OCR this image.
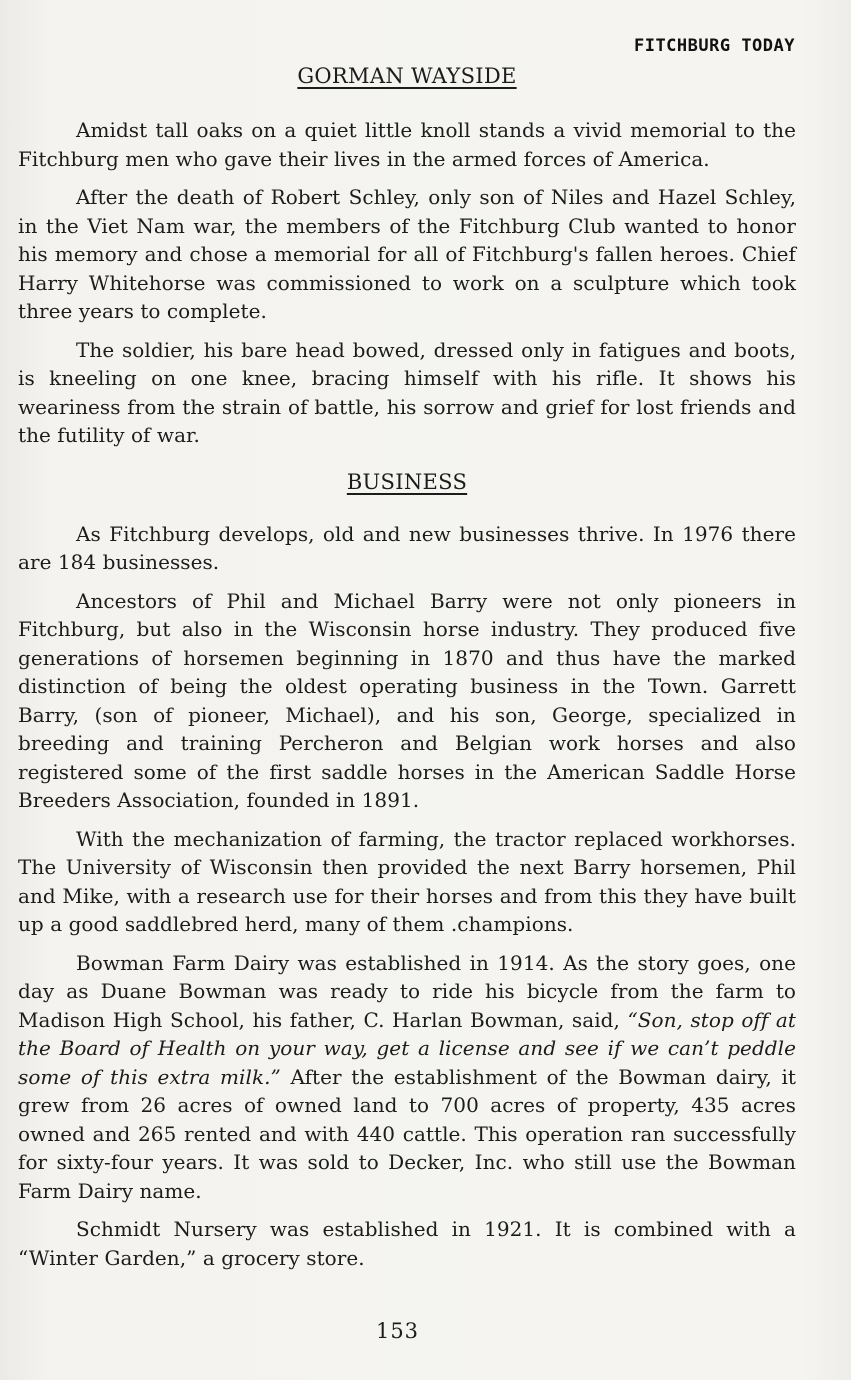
FITCHBURG TODAY
GORMAN WAYSIDE

Amidst tall oaks on a quiet little knoll stands a vivid memorial to the Fitchburg men who gave their lives in the armed forces of America.

After the death of Robert Schley, only son of Niles and Hazel Schley, in the Viet Nam war, the members of the Fitchburg Club wanted to honor his memory and chose a memorial for all of Fitchburg's fallen heroes. Chief Harry Whitehorse was commissioned to work on a sculpture which took three years to complete.

The soldier, his bare head bowed, dressed only in fatigues and boots, is kneeling on one knee, bracing himself with his rifle. It shows his weariness from the strain of battle, his sorrow and grief for lost friends and the futility of war.

BUSINESS

As Fitchburg develops, old and new businesses thrive. In 1976 there are 184 businesses.

Ancestors of Phil and Michael Barry were not only pioneers in Fitchburg, but also in the Wisconsin horse industry. They produced five generations of horsemen beginning in 1870 and thus have the marked distinction of being the oldest operating business in the Town. Garrett Barry, (son of pioneer, Michael), and his son, George, specialized in breeding and training Percheron and Belgian work horses and also registered some of the first saddle horses in the American Saddle Horse Breeders Association, founded in 1891.

With the mechanization of farming, the tractor replaced workhorses. The University of Wisconsin then provided the next Barry horsemen, Phil and Mike, with a research use for their horses and from this they have built up a good saddlebred herd, many of them .champions.

Bowman Farm Dairy was established in 1914. As the story goes, one day as Duane Bowman was ready to ride his bicycle from the farm to Madison High School, his father, C. Harlan Bowman, said, “Son, stop off at the Board of Health on your way, get a license and see if we can’t peddle some of this extra milk.” After the establishment of the Bowman dairy, it grew from 26 acres of owned land to 700 acres of property, 435 acres owned and 265 rented and with 440 cattle. This operation ran successfully for sixty-four years. It was sold to Decker, Inc. who still use the Bowman Farm Dairy name.

Schmidt Nursery was established in 1921. It is combined with a “Winter Garden,” a grocery store.

153
